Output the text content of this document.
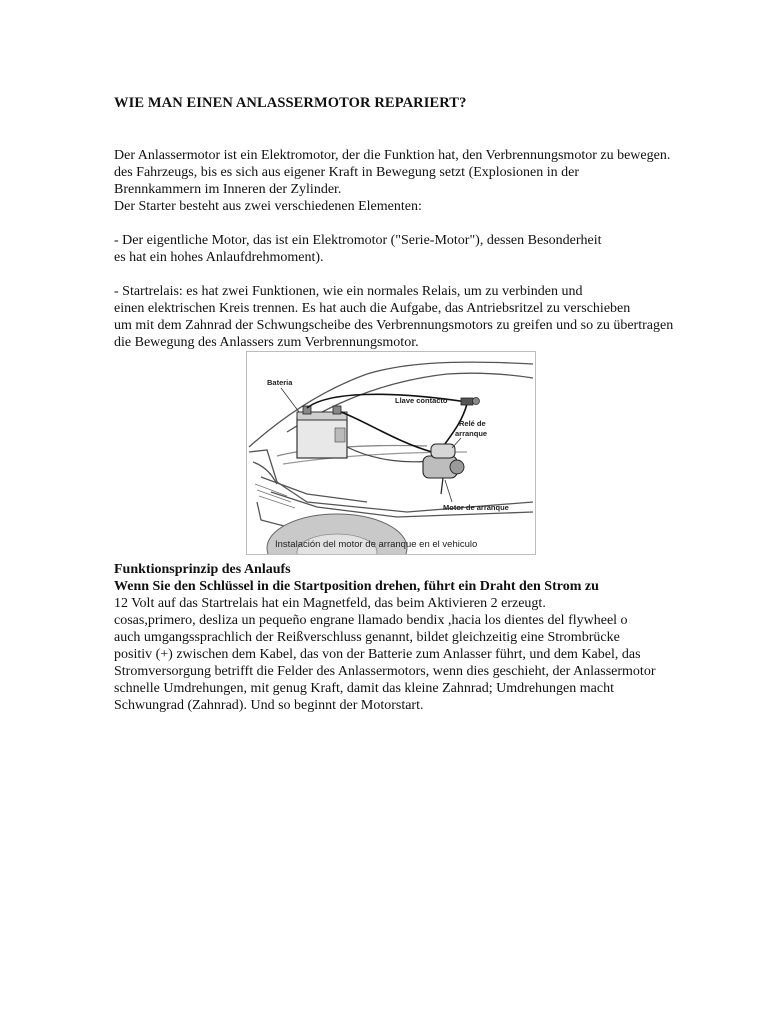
WIE MAN EINEN ANLASSERMOTOR REPARIERT?
Der Anlassermotor ist ein Elektromotor, der die Funktion hat, den Verbrennungsmotor zu bewegen.
des Fahrzeugs, bis es sich aus eigener Kraft in Bewegung setzt (Explosionen in der
Brennkammern im Inneren der Zylinder.
Der Starter besteht aus zwei verschiedenen Elementen:
- Der eigentliche Motor, das ist ein Elektromotor ("Serie-Motor"), dessen Besonderheit
es hat ein hohes Anlaufdrehmoment).
- Startrelais: es hat zwei Funktionen, wie ein normales Relais, um zu verbinden und
einen elektrischen Kreis trennen. Es hat auch die Aufgabe, das Antriebsritzel zu verschieben
um mit dem Zahnrad der Schwungscheibe des Verbrennungsmotors zu greifen und so zu übertragen
die Bewegung des Anlassers zum Verbrennungsmotor.
Bateria
Llave contacto
Relé de
arranque
Motor de arranque
Instalación del motor de arranque en el vehiculo
Funktionsprinzip des Anlaufs
Wenn Sie den Schlüssel in die Startposition drehen, führt ein Draht den Strom zu
12 Volt auf das Startrelais hat ein Magnetfeld, das beim Aktivieren 2 erzeugt.
cosas,primero, desliza un pequeño engrane llamado bendix ,hacia los dientes del flywheel o
auch umgangssprachlich der Reißverschluss genannt, bildet gleichzeitig eine Strombrücke
positiv (+) zwischen dem Kabel, das von der Batterie zum Anlasser führt, und dem Kabel, das
Stromversorgung betrifft die Felder des Anlassermotors, wenn dies geschieht, der Anlassermotor
schnelle Umdrehungen, mit genug Kraft, damit das kleine Zahnrad; Umdrehungen macht
Schwungrad (Zahnrad). Und so beginnt der Motorstart.
